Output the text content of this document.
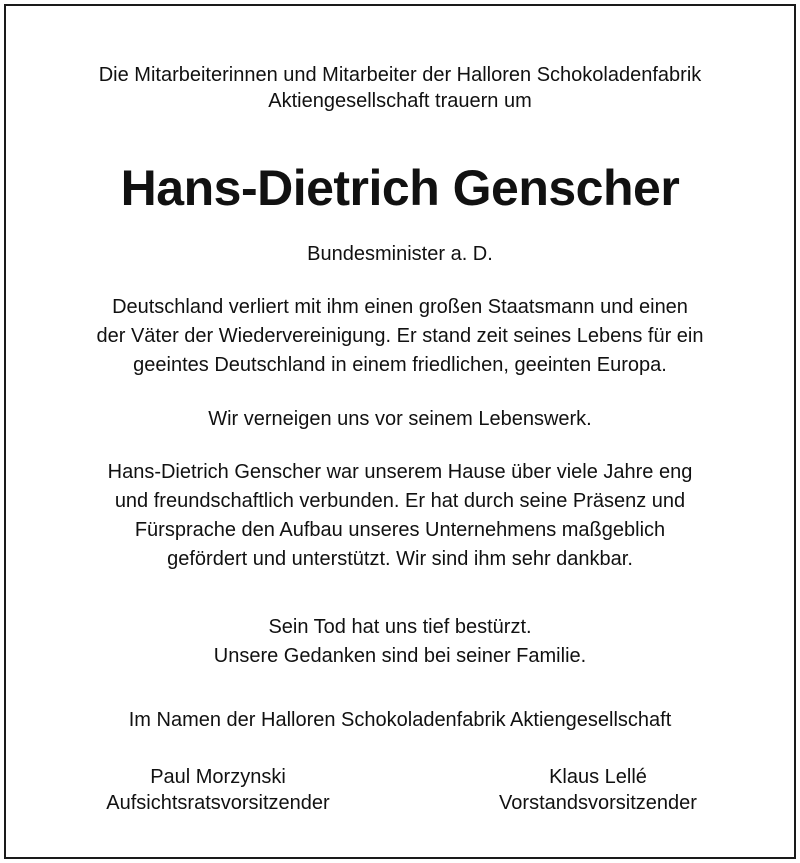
Die Mitarbeiterinnen und Mitarbeiter der Halloren Schokoladenfabrik
Aktiengesellschaft trauern um
Hans-Dietrich Genscher
Bundesminister a. D.
Deutschland verliert mit ihm einen großen Staatsmann und einen
der Väter der Wiedervereinigung. Er stand zeit seines Lebens für ein
geeintes Deutschland in einem friedlichen, geeinten Europa.
Wir verneigen uns vor seinem Lebenswerk.
Hans-Dietrich Genscher war unserem Hause über viele Jahre eng
und freundschaftlich verbunden. Er hat durch seine Präsenz und
Fürsprache den Aufbau unseres Unternehmens maßgeblich
gefördert und unterstützt. Wir sind ihm sehr dankbar.
Sein Tod hat uns tief bestürzt.
Unsere Gedanken sind bei seiner Familie.
Im Namen der Halloren Schokoladenfabrik Aktiengesellschaft
Paul Morzynski
Aufsichtsratsvorsitzender
Klaus Lellé
Vorstandsvorsitzender
